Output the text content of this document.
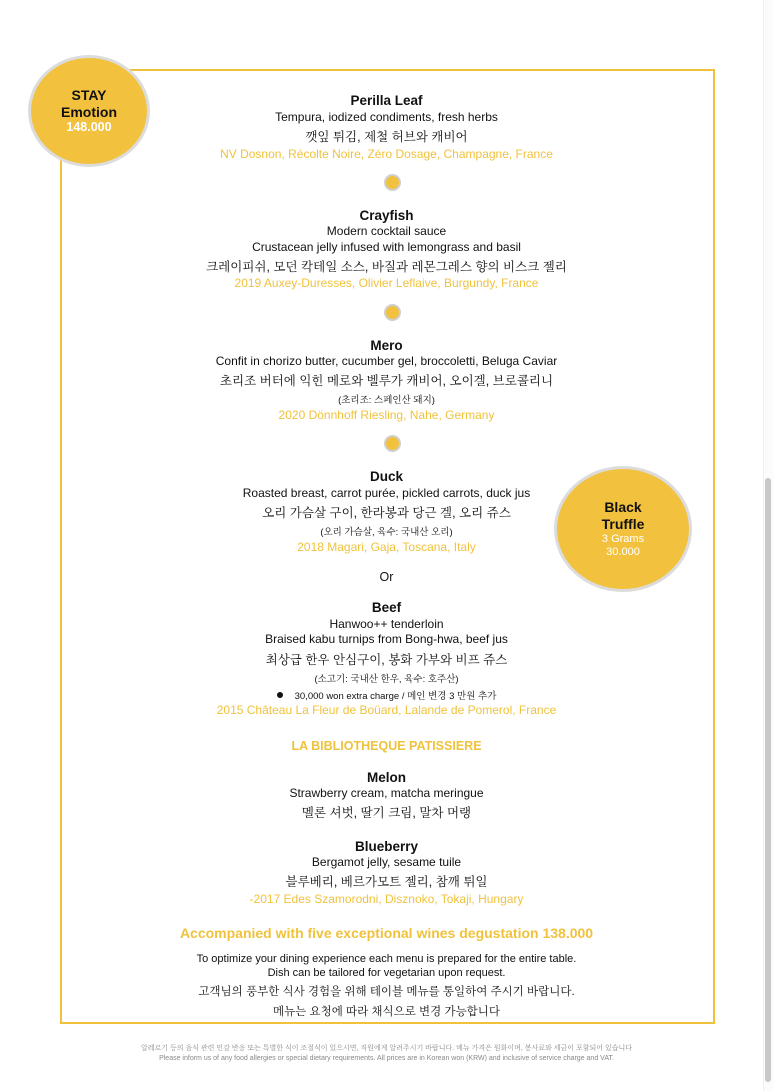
STAY
Emotion
148.000
Black
Truffle
3 Grams
30.000
Perilla Leaf
Tempura, iodized condiments, fresh herbs
깻잎 튀김, 제철 허브와 캐비어
NV Dosnon, Récolte Noire, Zéro Dosage, Champagne, France
Crayfish
Modern cocktail sauce
Crustacean jelly infused with lemongrass and basil
크레이피쉬, 모던 칵테일 소스, 바질과 레몬그레스 향의 비스크 젤리
2019 Auxey-Duresses, Olivier Leflaive, Burgundy, France
Mero
Confit in chorizo butter, cucumber gel, broccoletti, Beluga Caviar
초리조 버터에 익힌 메로와 벨루가 캐비어, 오이겔, 브로콜리니
(초리조: 스페인산 돼지)
2020 Dönnhoff Riesling, Nahe, Germany
Duck
Roasted breast, carrot purée, pickled carrots, duck jus
오리 가슴살 구이, 한라봉과 당근 겔, 오리 쥬스
(오리 가슴살, 육수: 국내산 오리)
2018 Magari, Gaja, Toscana, Italy
Or
Beef
Hanwoo++ tenderloin
Braised kabu turnips from Bong-hwa, beef jus
최상급 한우 안심구이, 봉화 가부와 비프 쥬스
(소고기: 국내산 한우, 육수: 호주산)
30,000 won extra charge / 메인 변경 3 만원 추가
2015 Château La Fleur de Boüard, Lalande de Pomerol, France
LA BIBLIOTHEQUE PATISSIERE
Melon
Strawberry cream, matcha meringue
멜론 셔벗, 딸기 크림, 말차 머랭
Blueberry
Bergamot jelly, sesame tuile
블루베리, 베르가모트 젤리, 참깨 튀일
-2017 Edes Szamorodni, Disznoko, Tokaji, Hungary
Accompanied with five exceptional wines degustation 138.000
To optimize your dining experience each menu is prepared for the entire table.
Dish can be tailored for vegetarian upon request.
고객님의 풍부한 식사 경험을 위해 테이블 메뉴를 통일하여 주시기 바랍니다.
메뉴는 요청에 따라 채식으로 변경 가능합니다
알레르기 등의 음식 관련 민감 반응 또는 특별한 식이 조절식이 있으시면, 직원에게 알려주시기 바랍니다. 메뉴 가격은 원화이며, 봉사료와 세금이 포함되어 있습니다
Please inform us of any food allergies or special dietary requirements. All prices are in Korean won (KRW) and inclusive of service charge and VAT.
